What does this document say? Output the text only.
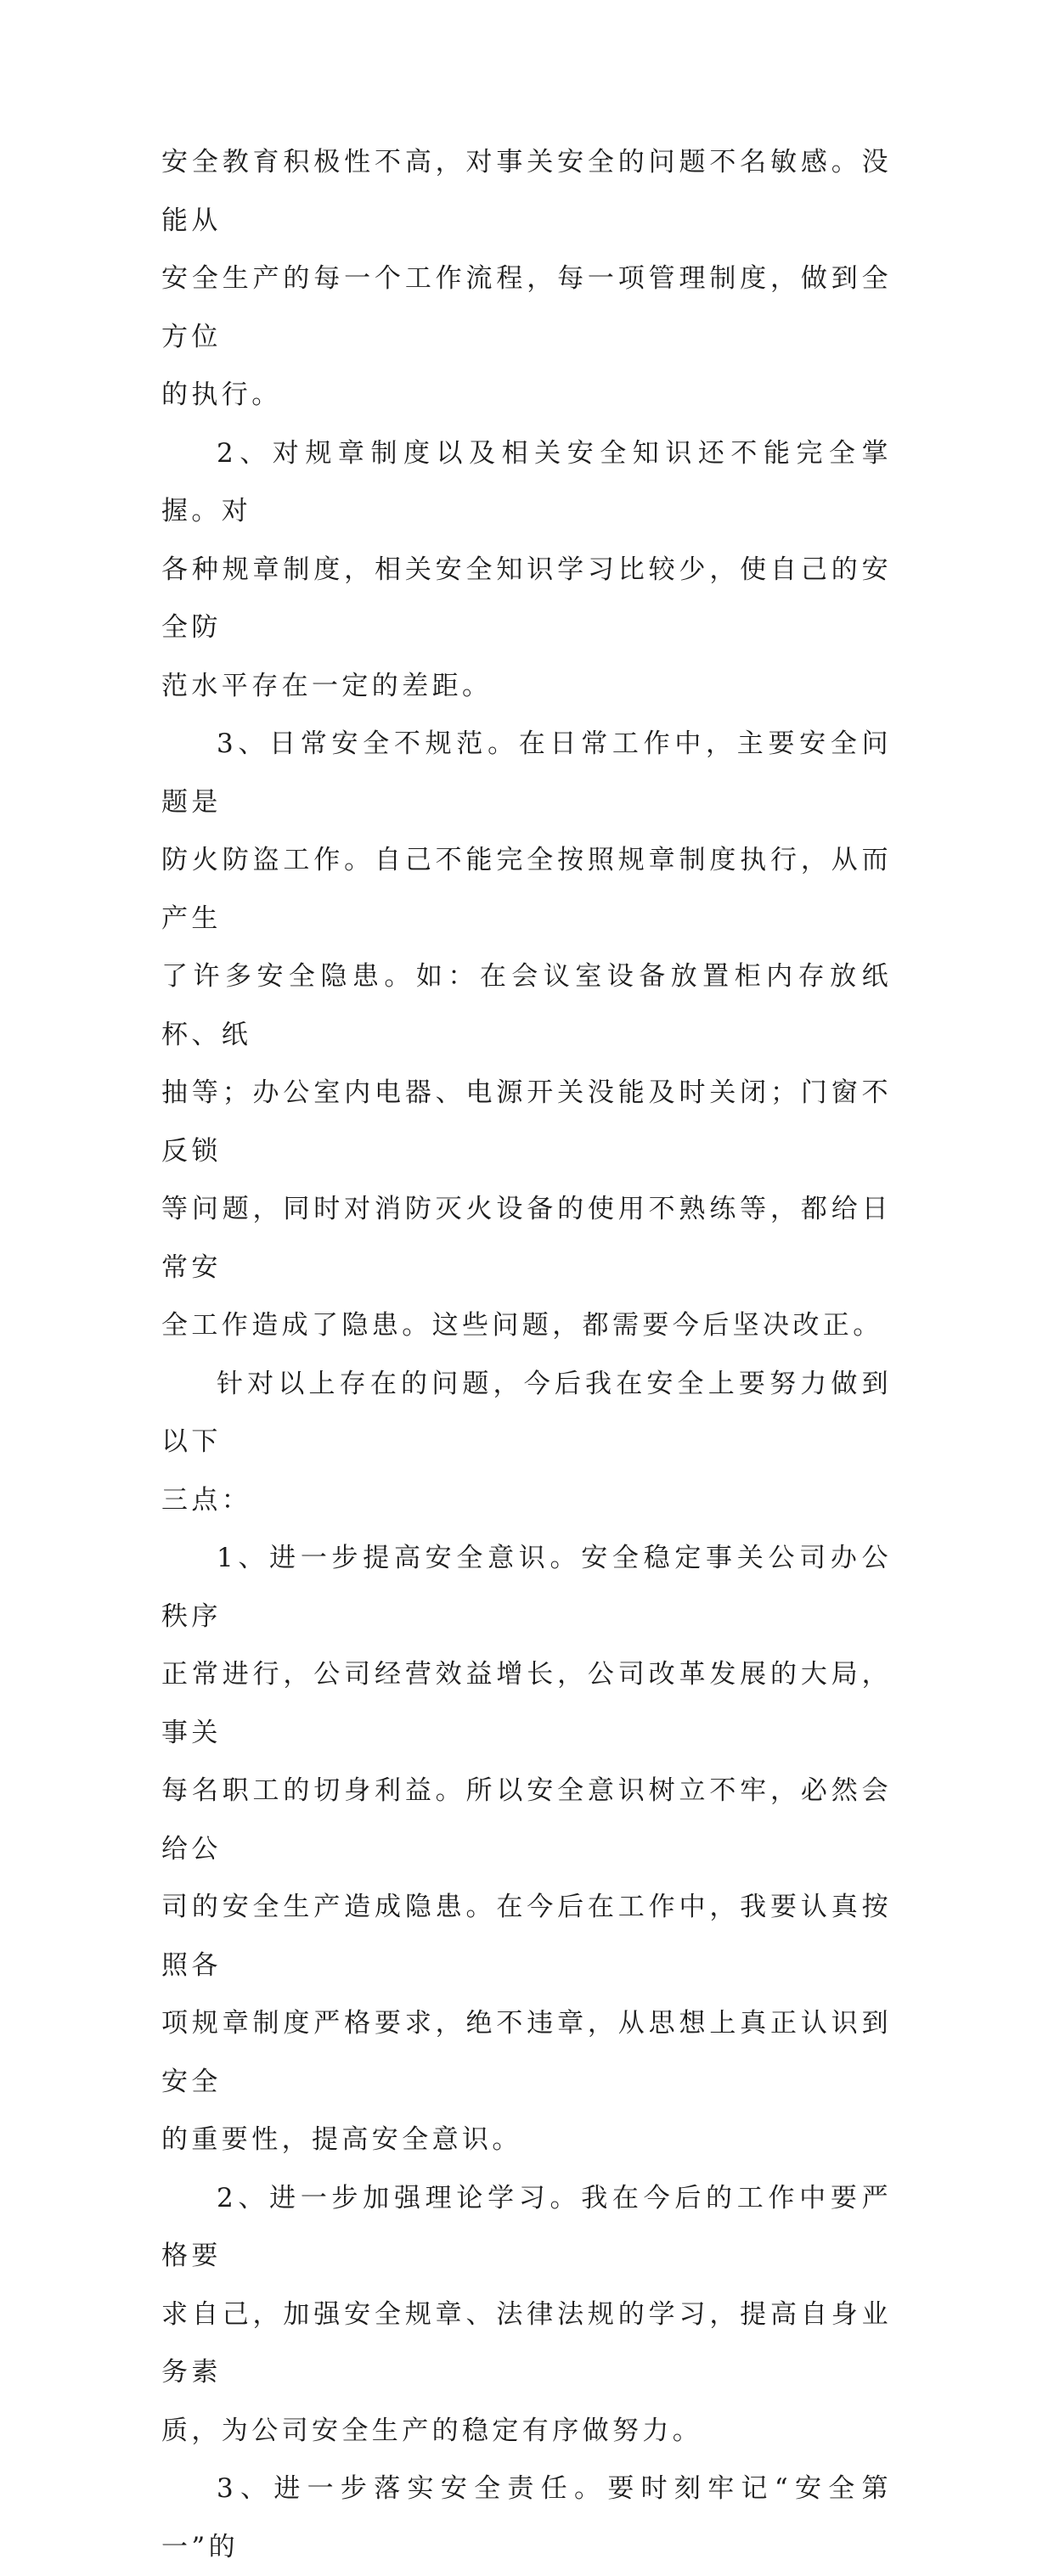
安全教育积极性不高，对事关安全的问题不名敏感。没能从
安全生产的每一个工作流程，每一项管理制度，做到全方位
的执行。

2、对规章制度以及相关安全知识还不能完全掌握。对
各种规章制度，相关安全知识学习比较少，使自己的安全防
范水平存在一定的差距。

3、日常安全不规范。在日常工作中，主要安全问题是
防火防盗工作。自己不能完全按照规章制度执行，从而产生
了许多安全隐患。如：在会议室设备放置柜内存放纸杯、纸
抽等；办公室内电器、电源开关没能及时关闭；门窗不反锁
等问题，同时对消防灭火设备的使用不熟练等，都给日常安
全工作造成了隐患。这些问题，都需要今后坚决改正。

针对以上存在的问题，今后我在安全上要努力做到以下
三点：

1、进一步提高安全意识。安全稳定事关公司办公秩序
正常进行，公司经营效益增长，公司改革发展的大局，事关
每名职工的切身利益。所以安全意识树立不牢，必然会给公
司的安全生产造成隐患。在今后在工作中，我要认真按照各
项规章制度严格要求，绝不违章，从思想上真正认识到安全
的重要性，提高安全意识。

2、进一步加强理论学习。我在今后的工作中要严格要
求自己，加强安全规章、法律法规的学习，提高自身业务素
质，为公司安全生产的稳定有序做努力。

3、进一步落实安全责任。要时刻牢记“安全第一”的
